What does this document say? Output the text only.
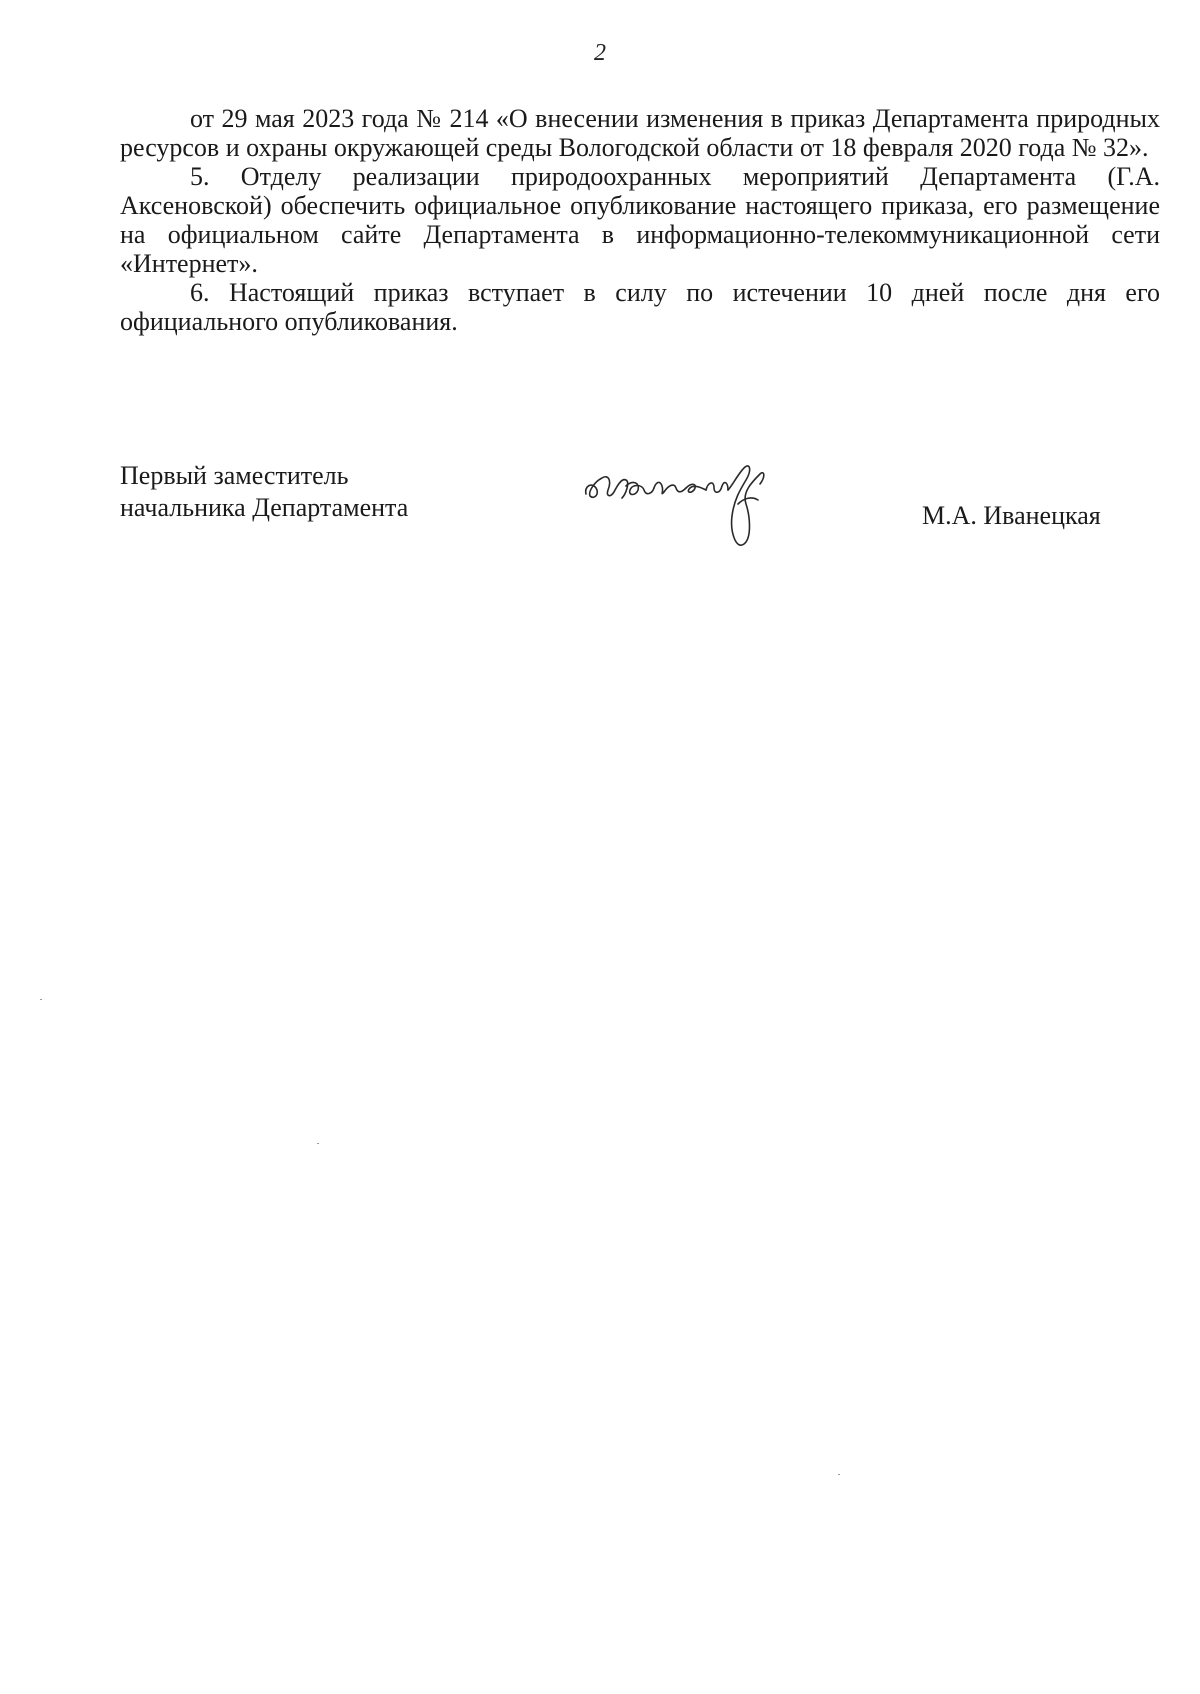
2

от 29 мая 2023 года № 214 «О внесении изменения в приказ Департамента природных ресурсов и охраны окружающей среды Вологодской области от 18 февраля 2020 года № 32».

5. Отделу реализации природоохранных мероприятий Департамента (Г.А. Аксеновской) обеспечить официальное опубликование настоящего приказа, его размещение на официальном сайте Департамента в информационно-телекоммуникационной сети «Интернет».

6. Настоящий приказ вступает в силу по истечении 10 дней после дня его официального опубликования.

Первый заместитель
начальника Департамента	М.А. Иванецкая
